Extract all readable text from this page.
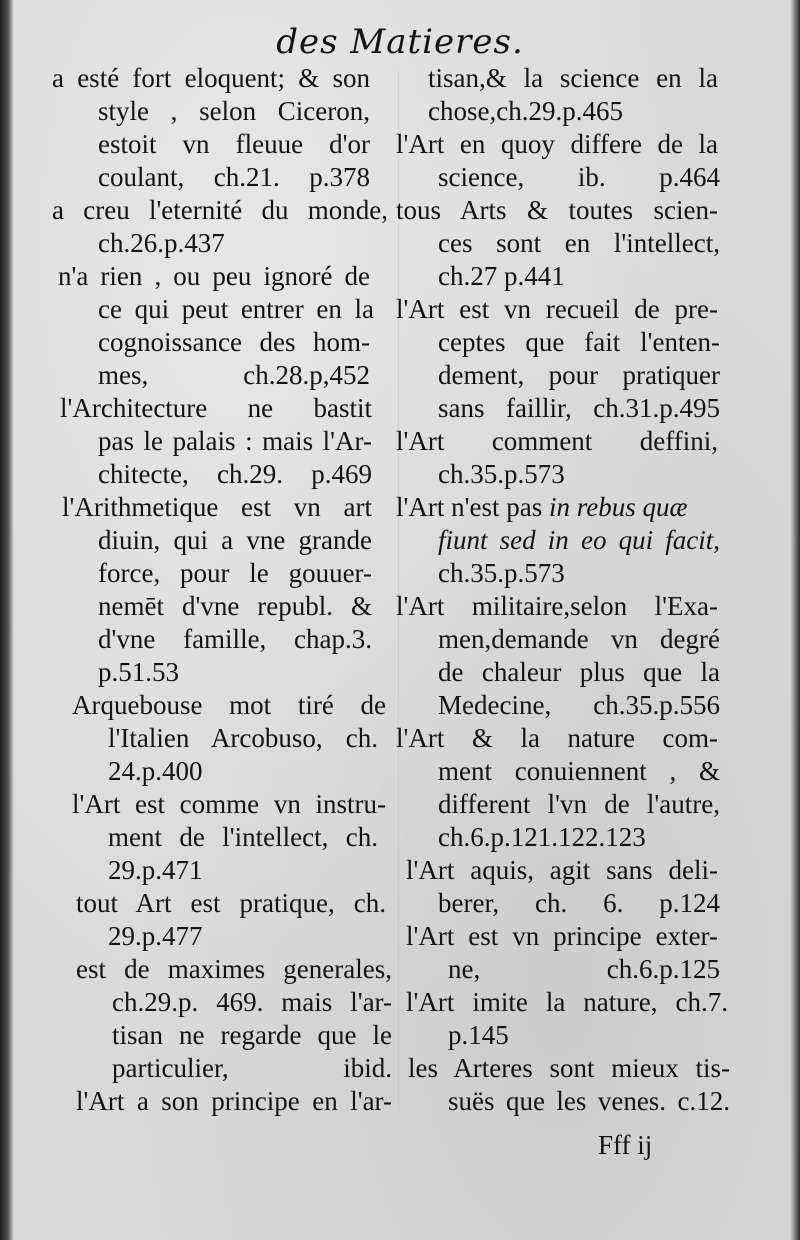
des Matieres.
a esté fort eloquent; & son
style , selon Ciceron,
estoit vn fleuue d'or
coulant, ch.21. p.378
a creu l'eternité du monde,
ch.26.p.437
n'a rien , ou peu ignoré de
ce qui peut entrer en la
cognoissance des hom-
mes, ch.28.p,452
l'Architecture ne bastit
pas le palais : mais l'Ar-
chitecte, ch.29. p.469
l'Arithmetique est vn art
diuin, qui a vne grande
force, pour le gouuer-
nemēt d'vne republ. &
d'vne famille, chap.3.
p.51.53
Arquebouse mot tiré de
l'Italien Arcobuso, ch.
24.p.400
l'Art est comme vn instru-
ment de l'intellect, ch.
29.p.471
tout Art est pratique, ch.
29.p.477
est de maximes generales,
ch.29.p. 469. mais l'ar-
tisan ne regarde que le
particulier, ibid.
l'Art a son principe en l'ar-
tisan,& la science en la
chose,ch.29.p.465
l'Art en quoy differe de la
science, ib. p.464
tous Arts & toutes scien-
ces sont en l'intellect,
ch.27 p.441
l'Art est vn recueil de pre-
ceptes que fait l'enten-
dement, pour pratiquer
sans faillir, ch.31.p.495
l'Art comment deffini,
ch.35.p.573
l'Art n'est pas in rebus quæ
fiunt sed in eo qui facit,
ch.35.p.573
l'Art militaire,selon l'Exa-
men,demande vn degré
de chaleur plus que la
Medecine, ch.35.p.556
l'Art & la nature com-
ment conuiennent , &
different l'vn de l'autre,
ch.6.p.121.122.123
l'Art aquis, agit sans deli-
berer, ch. 6. p.124
l'Art est vn principe exter-
ne, ch.6.p.125
l'Art imite la nature, ch.7.
p.145
les Arteres sont mieux tis-
suës que les venes. c.12.
Fff ij
